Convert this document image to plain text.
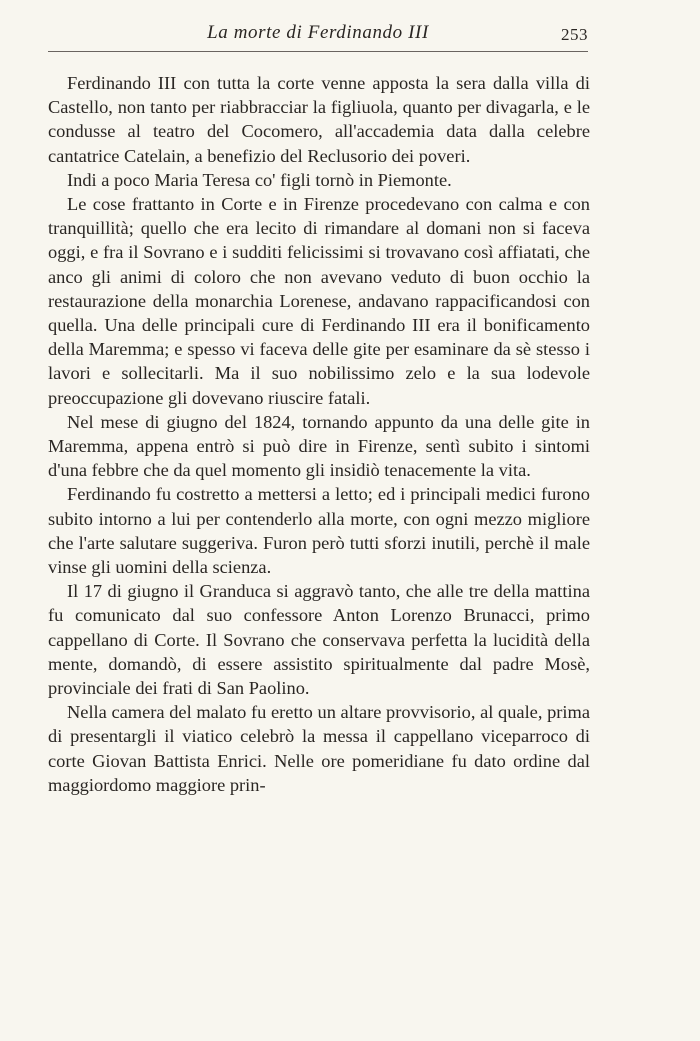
La morte di Ferdinando III	253

Ferdinando III con tutta la corte venne apposta la sera dalla villa di Castello, non tanto per riabbracciar la figliuola, quanto per divagarla, e le condusse al teatro del Cocomero, all'accademia data dalla celebre cantatrice Catelain, a benefizio del Reclusorio dei poveri.

Indi a poco Maria Teresa co' figli tornò in Piemonte.

Le cose frattanto in Corte e in Firenze procedevano con calma e con tranquillità; quello che era lecito di rimandare al domani non si faceva oggi, e fra il Sovrano e i sudditi felicissimi si trovavano così affiatati, che anco gli animi di coloro che non avevano veduto di buon occhio la restaurazione della monarchia Lorenese, andavano rappacificandosi con quella. Una delle principali cure di Ferdinando III era il bonificamento della Maremma; e spesso vi faceva delle gite per esaminare da sè stesso i lavori e sollecitarli. Ma il suo nobilissimo zelo e la sua lodevole preoccupazione gli dovevano riuscire fatali.

Nel mese di giugno del 1824, tornando appunto da una delle gite in Maremma, appena entrò si può dire in Firenze, sentì subito i sintomi d'una febbre che da quel momento gli insidiò tenacemente la vita.

Ferdinando fu costretto a mettersi a letto; ed i principali medici furono subito intorno a lui per contenderlo alla morte, con ogni mezzo migliore che l'arte salutare suggeriva. Furon però tutti sforzi inutili, perchè il male vinse gli uomini della scienza.

Il 17 di giugno il Granduca si aggravò tanto, che alle tre della mattina fu comunicato dal suo confessore Anton Lorenzo Brunacci, primo cappellano di Corte. Il Sovrano che conservava perfetta la lucidità della mente, domandò, di essere assistito spiritualmente dal padre Mosè, provinciale dei frati di San Paolino.

Nella camera del malato fu eretto un altare provvisorio, al quale, prima di presentargli il viatico celebrò la messa il cappellano viceparroco di corte Giovan Battista Enrici. Nelle ore pomeridiane fu dato ordine dal maggiordomo maggiore prin-
